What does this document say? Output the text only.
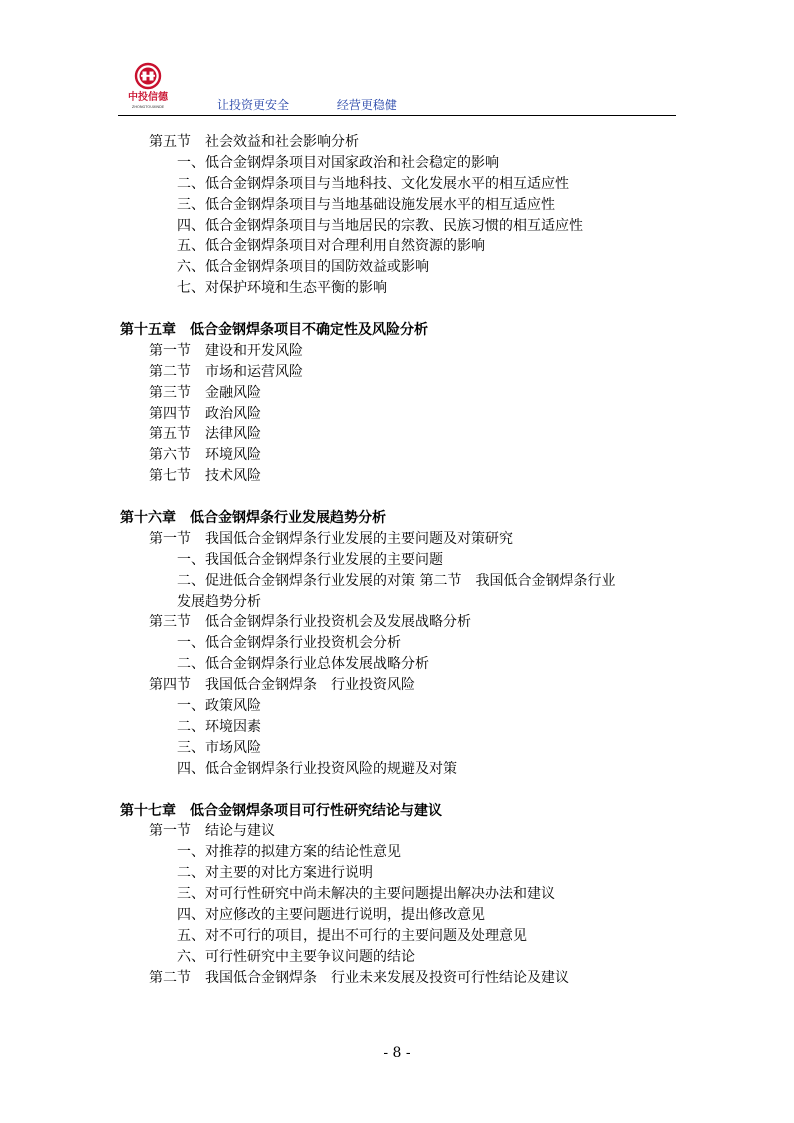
中投信德
ZHONGTOUXINDE	让投资更安全	经营更稳健
第五节　社会效益和社会影响分析
一、低合金钢焊条项目对国家政治和社会稳定的影响
二、低合金钢焊条项目与当地科技、文化发展水平的相互适应性
三、低合金钢焊条项目与当地基础设施发展水平的相互适应性
四、低合金钢焊条项目与当地居民的宗教、民族习惯的相互适应性
五、低合金钢焊条项目对合理利用自然资源的影响
六、低合金钢焊条项目的国防效益或影响
七、对保护环境和生态平衡的影响
第十五章　低合金钢焊条项目不确定性及风险分析
第一节　建设和开发风险
第二节　市场和运营风险
第三节　金融风险
第四节　政治风险
第五节　法律风险
第六节　环境风险
第七节　技术风险
第十六章　低合金钢焊条行业发展趋势分析
第一节　我国低合金钢焊条行业发展的主要问题及对策研究
一、我国低合金钢焊条行业发展的主要问题
二、促进低合金钢焊条行业发展的对策 第二节　我国低合金钢焊条行业
发展趋势分析
第三节　低合金钢焊条行业投资机会及发展战略分析
一、低合金钢焊条行业投资机会分析
二、低合金钢焊条行业总体发展战略分析
第四节　我国低合金钢焊条　行业投资风险
一、政策风险
二、环境因素
三、市场风险
四、低合金钢焊条行业投资风险的规避及对策
第十七章　低合金钢焊条项目可行性研究结论与建议
第一节　结论与建议
一、对推荐的拟建方案的结论性意见
二、对主要的对比方案进行说明
三、对可行性研究中尚未解决的主要问题提出解决办法和建议
四、对应修改的主要问题进行说明，提出修改意见
五、对不可行的项目，提出不可行的主要问题及处理意见
六、可行性研究中主要争议问题的结论
第二节　我国低合金钢焊条　行业未来发展及投资可行性结论及建议
- 8 -
